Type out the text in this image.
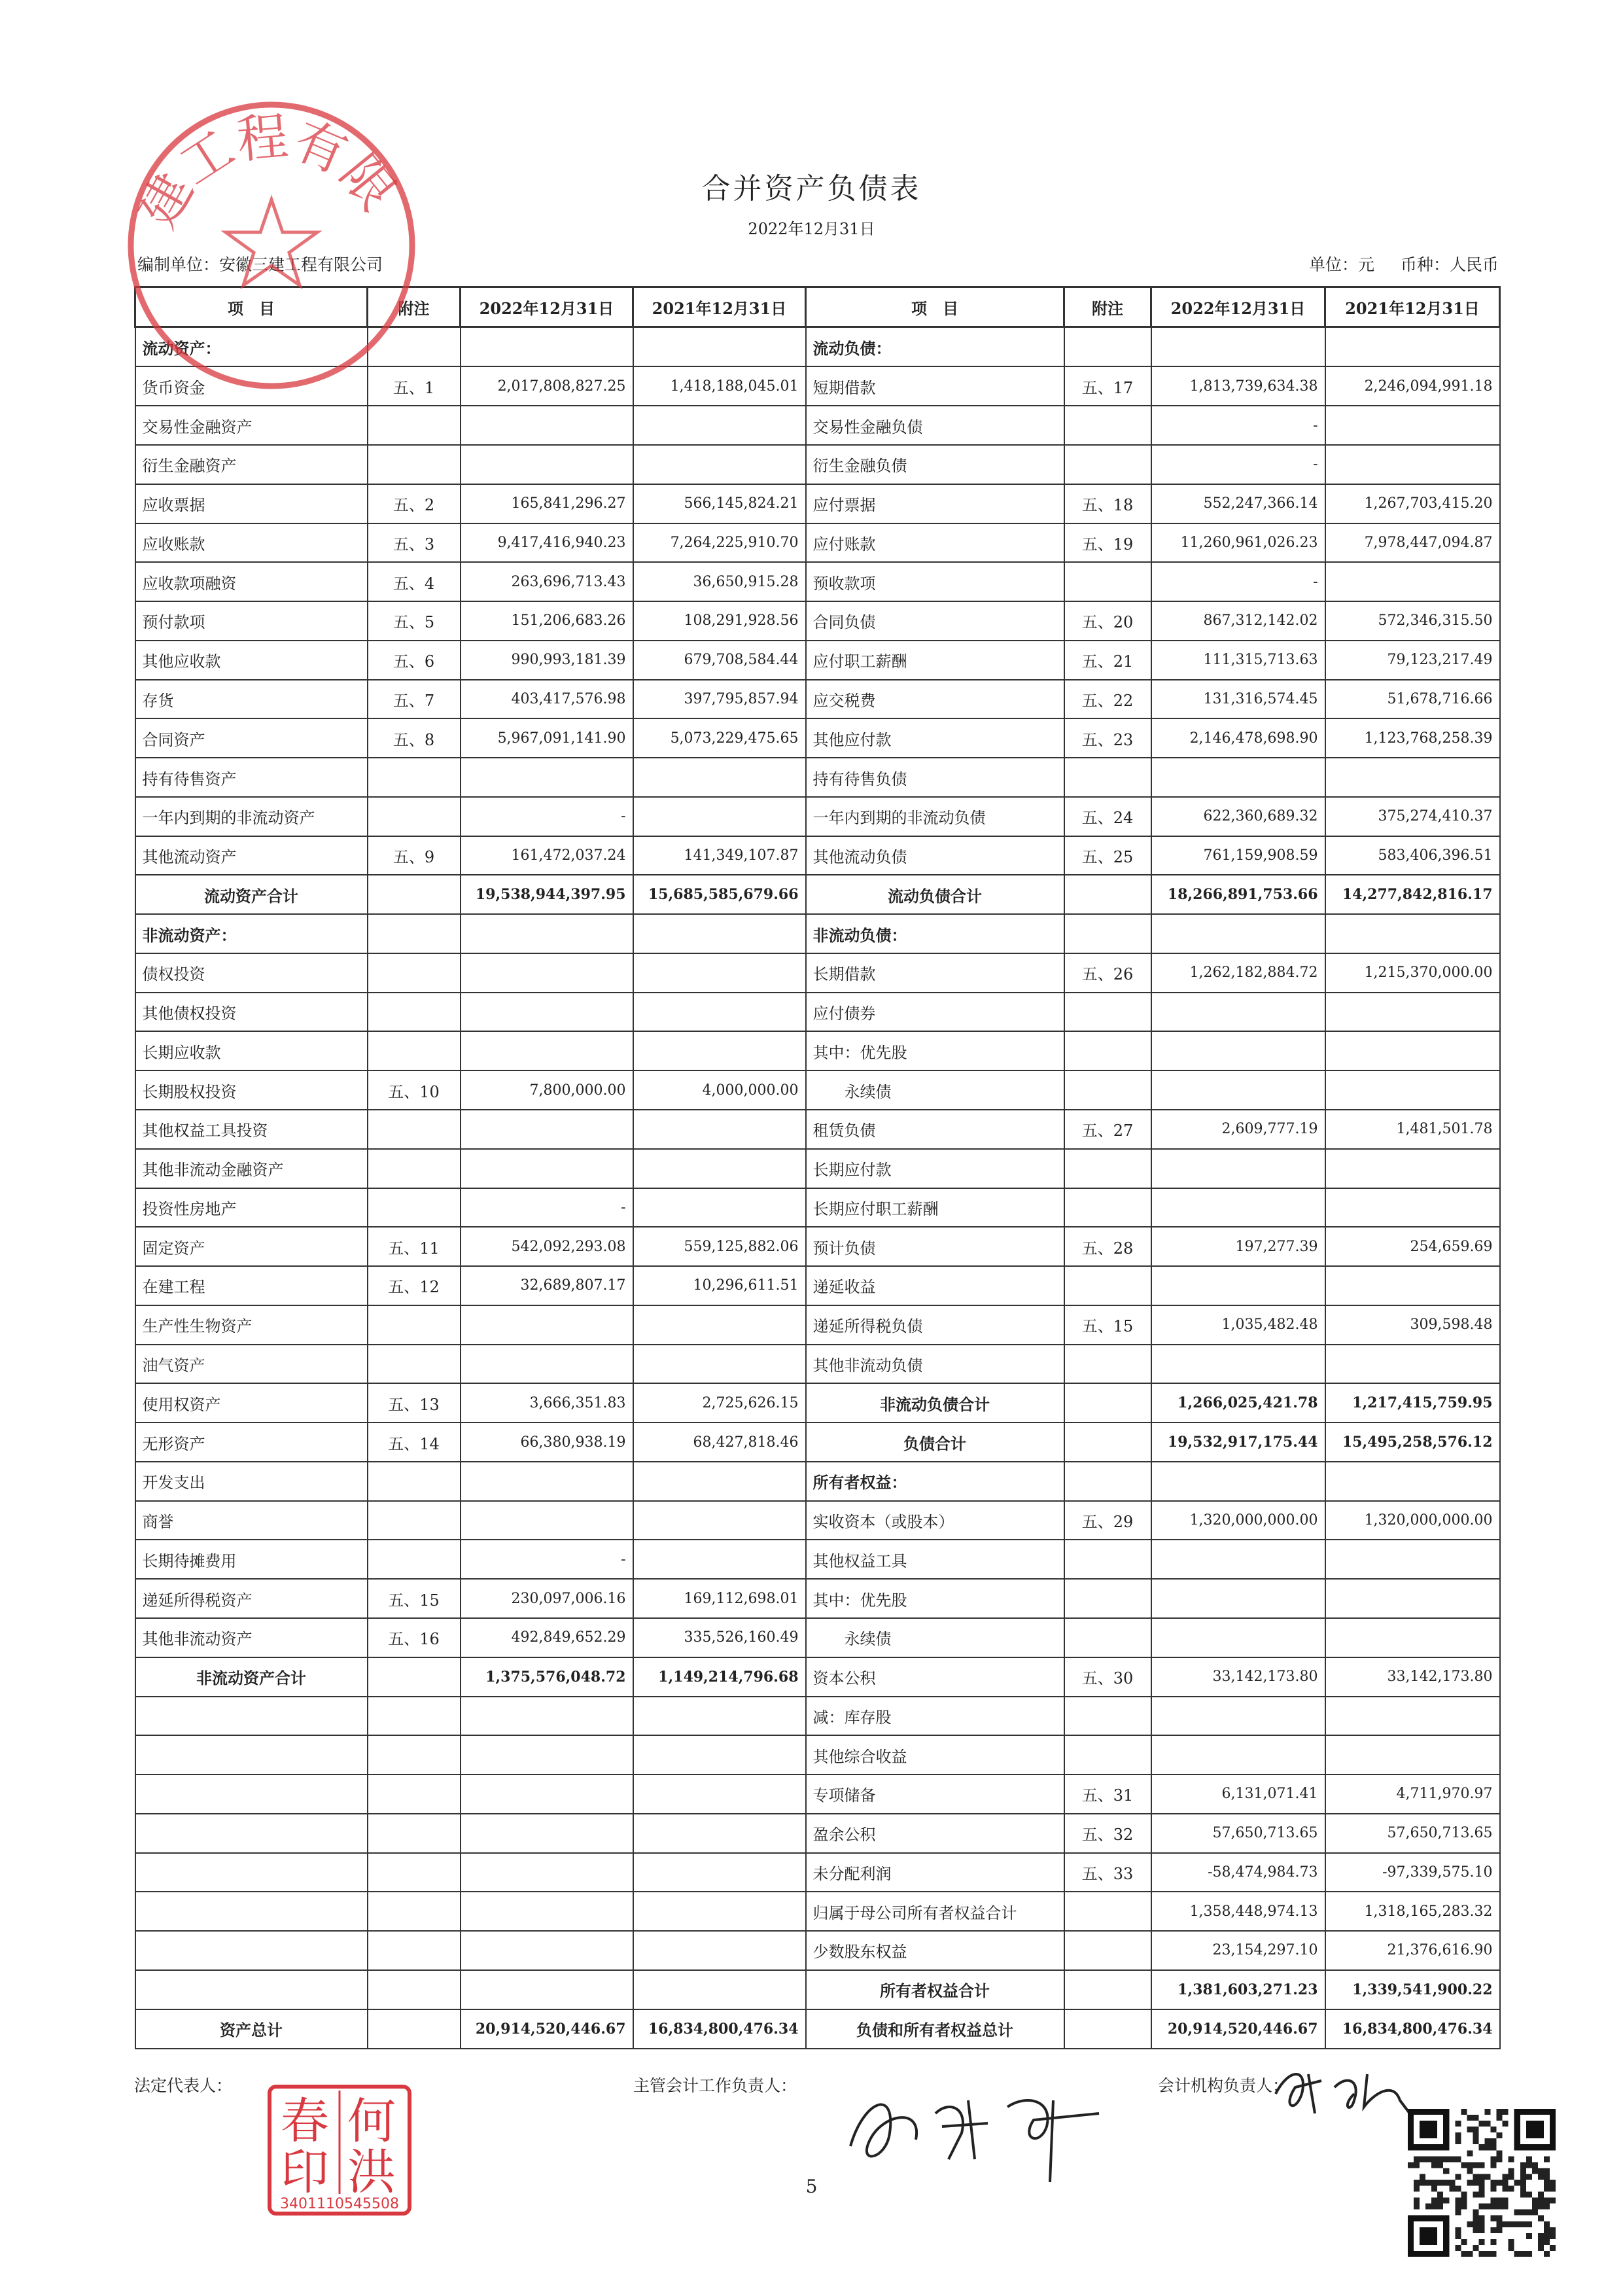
合并资产负债表
2022年12月31日
编制单位：安徽三建工程有限公司	单位：元 币种：人民币
项　目	附注	2022年12月31日	2021年12月31日	项　目	附注	2022年12月31日	2021年12月31日
流动资产：				流动负债：			
货币资金	五、1	2,017,808,827.25	1,418,188,045.01	短期借款	五、17	1,813,739,634.38	2,246,094,991.18
交易性金融资产				交易性金融负债		-	
衍生金融资产				衍生金融负债		-	
应收票据	五、2	165,841,296.27	566,145,824.21	应付票据	五、18	552,247,366.14	1,267,703,415.20
应收账款	五、3	9,417,416,940.23	7,264,225,910.70	应付账款	五、19	11,260,961,026.23	7,978,447,094.87
应收款项融资	五、4	263,696,713.43	36,650,915.28	预收款项		-	
预付款项	五、5	151,206,683.26	108,291,928.56	合同负债	五、20	867,312,142.02	572,346,315.50
其他应收款	五、6	990,993,181.39	679,708,584.44	应付职工薪酬	五、21	111,315,713.63	79,123,217.49
存货	五、7	403,417,576.98	397,795,857.94	应交税费	五、22	131,316,574.45	51,678,716.66
合同资产	五、8	5,967,091,141.90	5,073,229,475.65	其他应付款	五、23	2,146,478,698.90	1,123,768,258.39
持有待售资产				持有待售负债			
一年内到期的非流动资产		-		一年内到期的非流动负债	五、24	622,360,689.32	375,274,410.37
其他流动资产	五、9	161,472,037.24	141,349,107.87	其他流动负债	五、25	761,159,908.59	583,406,396.51
流动资产合计		19,538,944,397.95	15,685,585,679.66	流动负债合计		18,266,891,753.66	14,277,842,816.17
非流动资产：				非流动负债：			
债权投资				长期借款	五、26	1,262,182,884.72	1,215,370,000.00
其他债权投资				应付债券			
长期应收款				其中：优先股			
长期股权投资	五、10	7,800,000.00	4,000,000.00	　　永续债			
其他权益工具投资				租赁负债	五、27	2,609,777.19	1,481,501.78
其他非流动金融资产				长期应付款			
投资性房地产		-		长期应付职工薪酬			
固定资产	五、11	542,092,293.08	559,125,882.06	预计负债	五、28	197,277.39	254,659.69
在建工程	五、12	32,689,807.17	10,296,611.51	递延收益			
生产性生物资产				递延所得税负债	五、15	1,035,482.48	309,598.48
油气资产				其他非流动负债			
使用权资产	五、13	3,666,351.83	2,725,626.15	非流动负债合计		1,266,025,421.78	1,217,415,759.95
无形资产	五、14	66,380,938.19	68,427,818.46	负债合计		19,532,917,175.44	15,495,258,576.12
开发支出				所有者权益：			
商誉				实收资本（或股本）	五、29	1,320,000,000.00	1,320,000,000.00
长期待摊费用		-		其他权益工具			
递延所得税资产	五、15	230,097,006.16	169,112,698.01	其中：优先股			
其他非流动资产	五、16	492,849,652.29	335,526,160.49	　　永续债			
非流动资产合计		1,375,576,048.72	1,149,214,796.68	资本公积	五、30	33,142,173.80	33,142,173.80
				减：库存股			
				其他综合收益			
				专项储备	五、31	6,131,071.41	4,711,970.97
				盈余公积	五、32	57,650,713.65	57,650,713.65
				未分配利润	五、33	-58,474,984.73	-97,339,575.10
				归属于母公司所有者权益合计		1,358,448,974.13	1,318,165,283.32
				少数股东权益		23,154,297.10	21,376,616.90
				所有者权益合计		1,381,603,271.23	1,339,541,900.22
资产总计		20,914,520,446.67	16,834,800,476.34	负债和所有者权益总计		20,914,520,446.67	16,834,800,476.34
建工程有限
法定代表人：	主管会计工作负责人：	会计机构负责人：
何
春
洪
印
3401110545508
5
